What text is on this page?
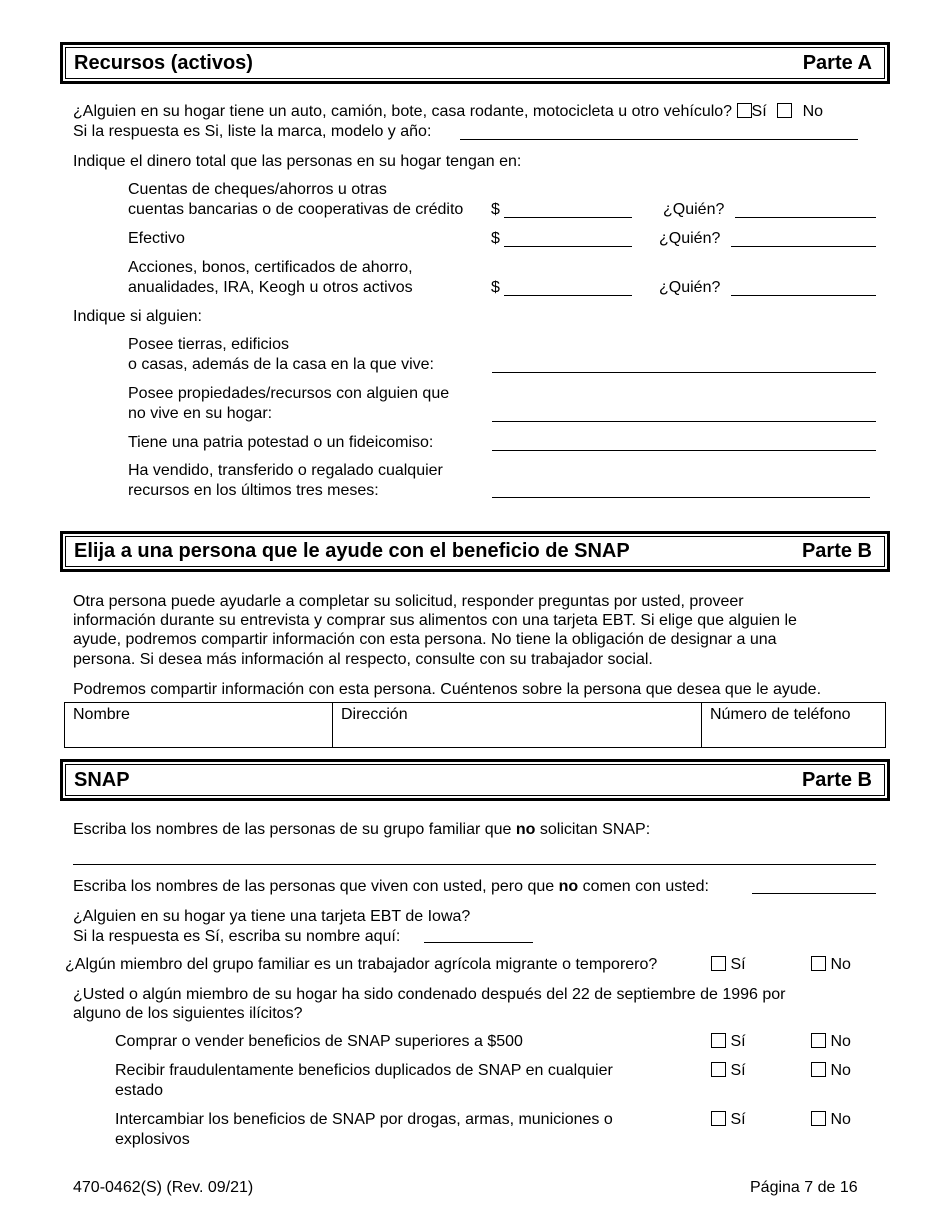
Recursos (activos)	Parte A
¿Alguien en su hogar tiene un auto, camión, bote, casa rodante, motocicleta u otro vehículo? Sí No
Si la respuesta es Si, liste la marca, modelo y año:
Indique el dinero total que las personas en su hogar tengan en:
Cuentas de cheques/ahorros u otras
cuentas bancarias o de cooperativas de crédito $	¿Quién?
Efectivo	$	¿Quién?
Acciones, bonos, certificados de ahorro,
anualidades, IRA, Keogh u otros activos	$	¿Quién?
Indique si alguien:
Posee tierras, edificios
o casas, además de la casa en la que vive:
Posee propiedades/recursos con alguien que
no vive en su hogar:
Tiene una patria potestad o un fideicomiso:
Ha vendido, transferido o regalado cualquier
recursos en los últimos tres meses:
Elija a una persona que le ayude con el beneficio de SNAP	Parte B
Otra persona puede ayudarle a completar su solicitud, responder preguntas por usted, proveer
información durante su entrevista y comprar sus alimentos con una tarjeta EBT. Si elige que alguien le
ayude, podremos compartir información con esta persona. No tiene la obligación de designar a una
persona. Si desea más información al respecto, consulte con su trabajador social.
Podremos compartir información con esta persona. Cuéntenos sobre la persona que desea que le ayude.
Nombre	Dirección	Número de teléfono
SNAP	Parte B
Escriba los nombres de las personas de su grupo familiar que no solicitan SNAP:
Escriba los nombres de las personas que viven con usted, pero que no comen con usted:
¿Alguien en su hogar ya tiene una tarjeta EBT de Iowa?
Si la respuesta es Sí, escriba su nombre aquí:
¿Algún miembro del grupo familiar es un trabajador agrícola migrante o temporero?	Sí	No
¿Usted o algún miembro de su hogar ha sido condenado después del 22 de septiembre de 1996 por
alguno de los siguientes ilícitos?
Comprar o vender beneficios de SNAP superiores a $500	Sí	No
Recibir fraudulentamente beneficios duplicados de SNAP en cualquier
estado
Sí	No
Intercambiar los beneficios de SNAP por drogas, armas, municiones o
explosivos
Sí	No
470-0462(S) (Rev. 09/21)	Página 7 de 16
